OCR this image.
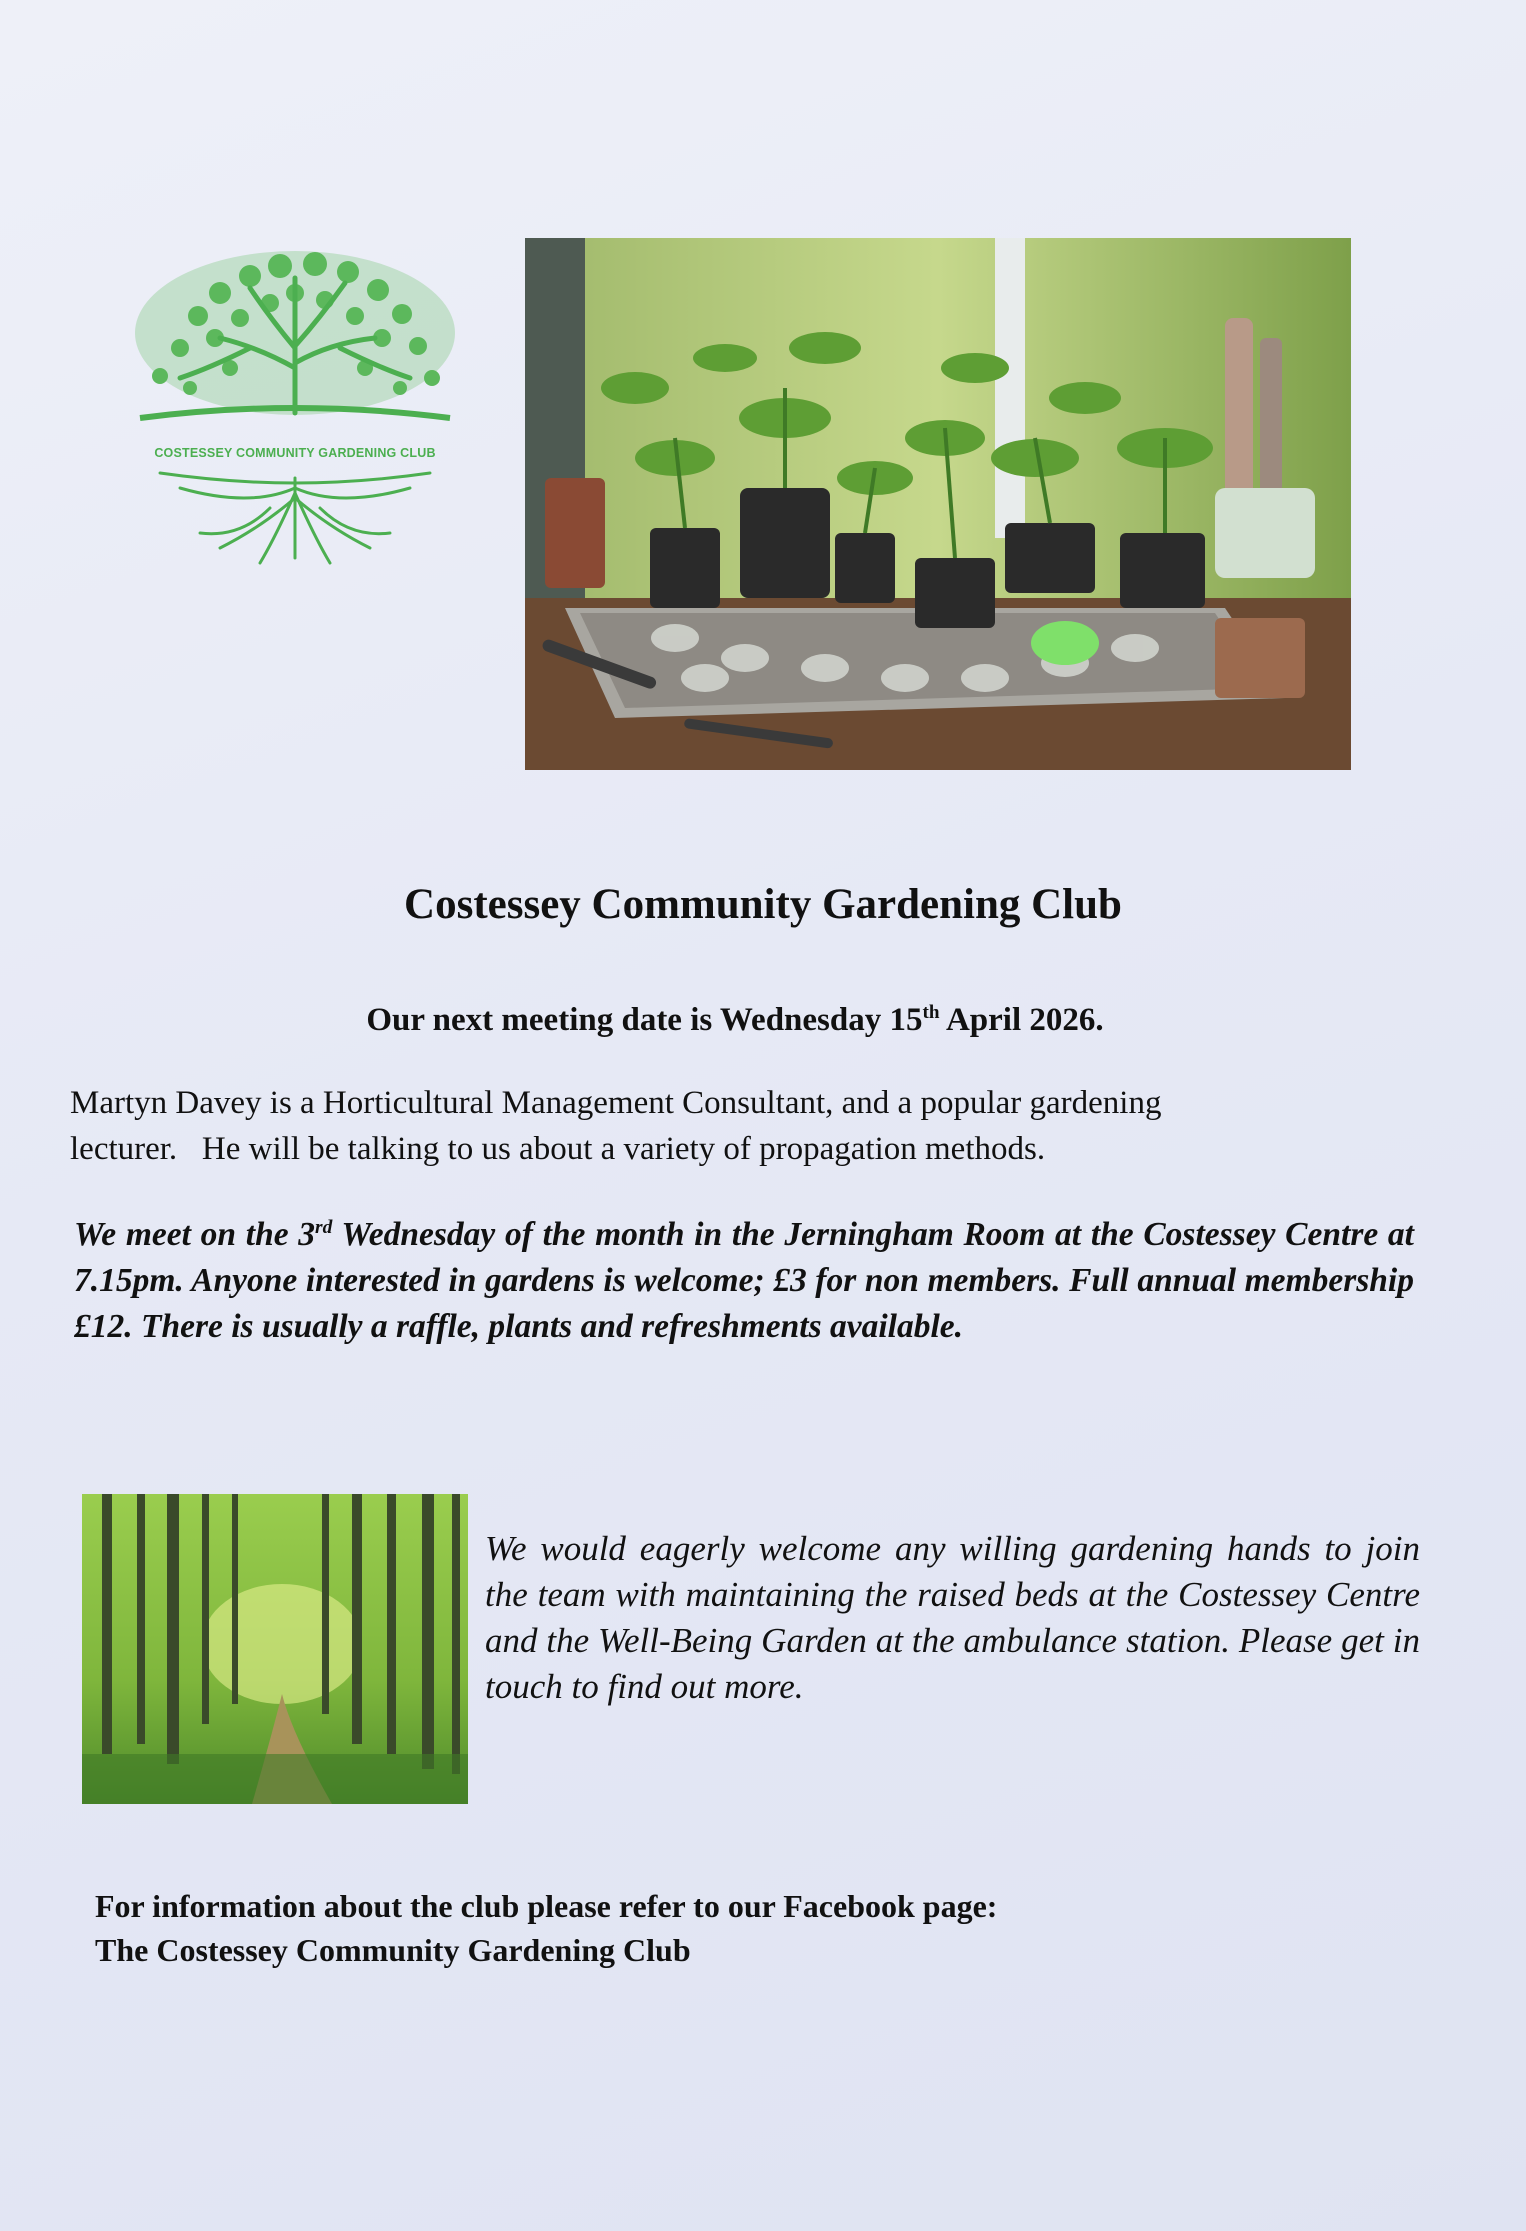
COSTESSEY COMMUNITY GARDENING CLUB
Costessey Community Gardening Club

Our next meeting date is Wednesday 15th April 2026.

Martyn Davey is a Horticultural Management Consultant, and a popular gardening
lecturer.   He will be talking to us about a variety of propagation methods.

We meet on the 3rd Wednesday of the month in the Jerningham Room at the Costessey Centre at 7.15pm. Anyone interested in gardens is welcome; £3 for non members. Full annual membership £12. There is usually a raffle, plants and refreshments available.

We would eagerly welcome any willing gardening hands to join the team with maintaining the raised beds at the Costessey Centre and the Well-Being Garden at the ambulance station. Please get in touch to find out more.

For information about the club please refer to our Facebook page:

The Costessey Community Gardening Club
